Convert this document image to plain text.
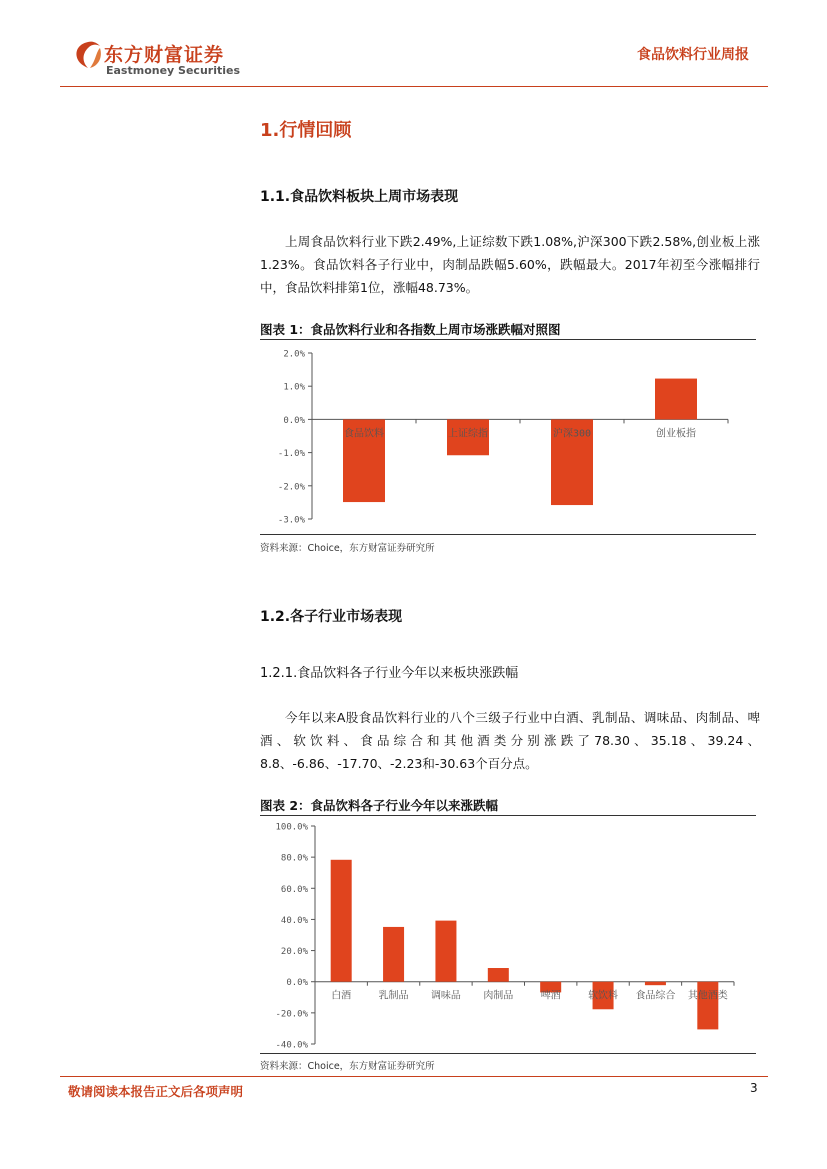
东方财富证券
Eastmoney Securities
食品饮料行业周报
1.行情回顾
1.1.食品饮料板块上周市场表现
上周食品饮料行业下跌2.49%,上证综数下跌1.08%,沪深300下跌2.58%,创业板上涨1.23%。食品饮料各子行业中，肉制品跌幅5.60%，跌幅最大。2017年初至今涨幅排行中，食品饮料排第1位，涨幅48.73%。
图表 1：食品饮料行业和各指数上周市场涨跌幅对照图
2.0%
1.0%
0.0%
-1.0%
-2.0%
-3.0%
食品饮料	上证综指	沪深300	创业板指
资料来源：Choice，东方财富证券研究所
1.2.各子行业市场表现
1.2.1.食品饮料各子行业今年以来板块涨跌幅
今年以来A股食品饮料行业的八个三级子行业中白酒、乳制品、调味品、肉制品、啤酒、软饮料、食品综合和其他酒类分别涨跌了78.30、35.18、39.24、8.8、-6.86、-17.70、-2.23和-30.63个百分点。
图表 2：食品饮料各子行业今年以来涨跌幅
100.0%
80.0%
60.0%
40.0%
20.0%
0.0%
-20.0%
-40.0%
白酒	乳制品 调味品 肉制品	啤酒	软饮料 食品综合 其他酒类
资料来源：Choice，东方财富证券研究所
敬请阅读本报告正文后各项声明	3
